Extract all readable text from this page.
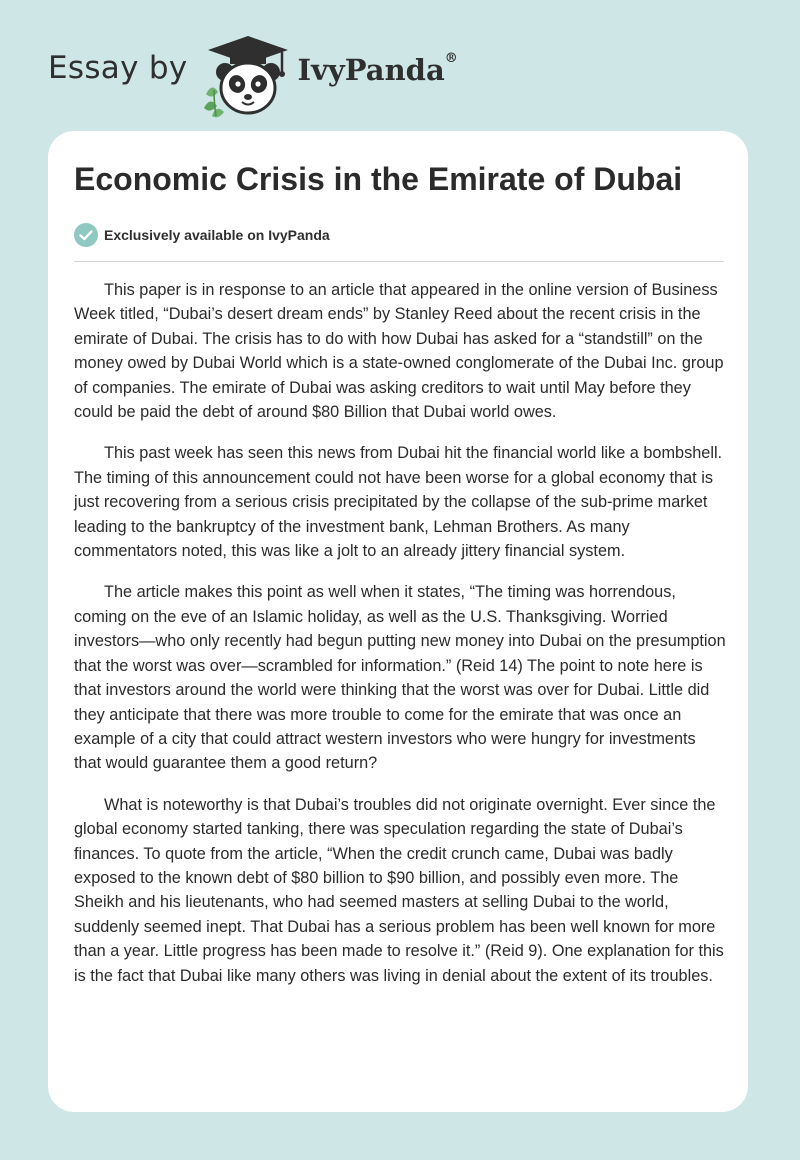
Essay by	IvyPanda®
Economic Crisis in the Emirate of Dubai
Exclusively available on IvyPanda

This paper is in response to an article that appeared in the online version of Business Week titled, “Dubai’s desert dream ends” by Stanley Reed about the recent crisis in the emirate of Dubai. The crisis has to do with how Dubai has asked for a “standstill” on the money owed by Dubai World which is a state-owned conglomerate of the Dubai Inc. group of companies. The emirate of Dubai was asking creditors to wait until May before they could be paid the debt of around $80 Billion that Dubai world owes.

This past week has seen this news from Dubai hit the financial world like a bombshell. The timing of this announcement could not have been worse for a global economy that is just recovering from a serious crisis precipitated by the collapse of the sub-prime market leading to the bankruptcy of the investment bank, Lehman Brothers. As many commentators noted, this was like a jolt to an already jittery financial system.

The article makes this point as well when it states, “The timing was horrendous, coming on the eve of an Islamic holiday, as well as the U.S. Thanksgiving. Worried investors—who only recently had begun putting new money into Dubai on the presumption that the worst was over—scrambled for information.” (Reid 14) The point to note here is that investors around the world were thinking that the worst was over for Dubai. Little did they anticipate that there was more trouble to come for the emirate that was once an example of a city that could attract western investors who were hungry for investments that would guarantee them a good return?

What is noteworthy is that Dubai’s troubles did not originate overnight. Ever since the global economy started tanking, there was speculation regarding the state of Dubai’s finances. To quote from the article, “When the credit crunch came, Dubai was badly exposed to the known debt of $80 billion to $90 billion, and possibly even more. The Sheikh and his lieutenants, who had seemed masters at selling Dubai to the world, suddenly seemed inept. That Dubai has a serious problem has been well known for more than a year. Little progress has been made to resolve it.” (Reid 9). One explanation for this is the fact that Dubai like many others was living in denial about the extent of its troubles.
